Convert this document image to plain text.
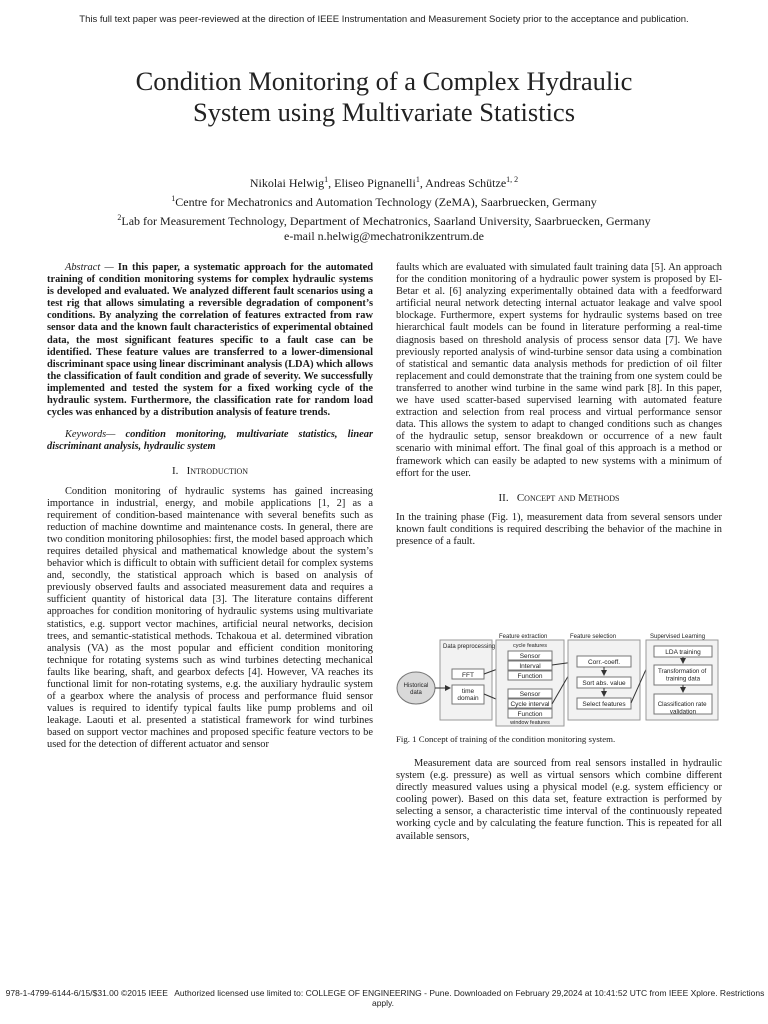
This full text paper was peer-reviewed at the direction of IEEE Instrumentation and Measurement Society prior to the acceptance and publication.
Condition Monitoring of a Complex Hydraulic
System using Multivariate Statistics
Nikolai Helwig$^1$, Eliseo Pignanelli$^1$, Andreas Schütze$^{1, 2}$
$^1$Centre for Mechatronics and Automation Technology (ZeMA), Saarbruecken, Germany
$^2$Lab for Measurement Technology, Department of Mechatronics, Saarland University, Saarbruecken, Germany
e-mail n.helwig@mechatronikzentrum.de

Abstract — In this paper, a systematic approach for the automated training of condition monitoring systems for complex hydraulic systems is developed and evaluated. We analyzed different fault scenarios using a test rig that allows simulating a reversible degradation of component’s conditions. By analyzing the correlation of features extracted from raw sensor data and the known fault characteristics of experimental obtained data, the most significant features specific to a fault case can be identified. These feature values are transferred to a lower-dimensional discriminant space using linear discriminant analysis (LDA) which allows the classification of fault condition and grade of severity. We successfully implemented and tested the system for a fixed working cycle of the hydraulic system. Furthermore, the classification rate for random load cycles was enhanced by a distribution analysis of feature trends.

Keywords— condition monitoring, multivariate statistics, linear discriminant analysis, hydraulic system

I. Introduction

Condition monitoring of hydraulic systems has gained increasing importance in industrial, energy, and mobile applications [1, 2] as a requirement of condition-based maintenance with several benefits such as reduction of machine downtime and maintenance costs. In general, there are two condition monitoring philosophies: first, the model based approach which requires detailed physical and mathematical knowledge about the system’s behavior which is difficult to obtain with sufficient detail for complex systems and, secondly, the statistical approach which is based on analysis of previously observed faults and associated measurement data and requires a sufficient quantity of historical data [3]. The literature contains different approaches for condition monitoring of hydraulic systems using multivariate statistics, e.g. support vector machines, artificial neural networks, decision trees, and semantic-statistical methods. Tchakoua et al. determined vibration analysis (VA) as the most popular and efficient condition monitoring technique for rotating systems such as wind turbines detecting mechanical faults like bearing, shaft, and gearbox defects [4]. However, VA reaches its functional limit for non-rotating systems, e.g. the auxiliary hydraulic system of a gearbox where the analysis of process and performance fluid sensor values is required to identify typical faults like pump problems and oil leakage. Laouti et al. presented a statistical framework for wind turbines based on support vector machines and proposed specific feature vectors to be used for the detection of different actuator and sensor

faults which are evaluated with simulated fault training data [5]. An approach for the condition monitoring of a hydraulic power system is proposed by El-Betar et al. [6] analyzing experimentally obtained data with a feedforward artificial neural network detecting internal actuator leakage and valve spool blockage. Furthermore, expert systems for hydraulic systems based on tree hierarchical fault models can be found in literature performing a real-time diagnosis based on threshold analysis of process sensor data [7]. We have previously reported analysis of wind-turbine sensor data using a combination of statistical and semantic data analysis methods for prediction of oil filter replacement and could demonstrate that the training from one system could be transferred to another wind turbine in the same wind park [8]. In this paper, we have used scatter-based supervised learning with automated feature extraction and selection from real process and virtual performance sensor data. This allows the system to adapt to changed conditions such as changes of the hydraulic setup, sensor breakdown or occurrence of a new fault scenario with minimal effort. The final goal of this approach is a method or framework which can easily be adapted to new systems with a minimum of effort for the user.

II. Concept and Methods

In the training phase (Fig. 1), measurement data from several sensors under known fault conditions is required describing the behavior of the machine in presence of a fault.

Historical data
Data preprocessing
FFT
time domain
Feature extraction
cycle features
Sensor
Interval
Function
Sensor
Cycle interval
Function
window features
Feature selection
Corr.-coeff.
Sort abs. value
Select features
Supervised Learning
LDA training
Transformation of training data
Classification rate validation
Fig. 1 Concept of training of the condition monitoring system.

Measurement data are sourced from real sensors installed in hydraulic system (e.g. pressure) as well as virtual sensors which combine different directly measured values using a physical model (e.g. system efficiency or cooling power). Based on this data set, feature extraction is performed by selecting a sensor, a characteristic time interval of the continuously repeated working cycle and by calculating the feature function. This is repeated for all available sensors,

978-1-4799-6144-6/15/$31.00 ©2015 IEEE Authorized licensed use limited to: COLLEGE OF ENGINEERING - Pune. Downloaded on February 29,2024 at 10:41:52 UTC from IEEE Xplore. Restrictions apply.
